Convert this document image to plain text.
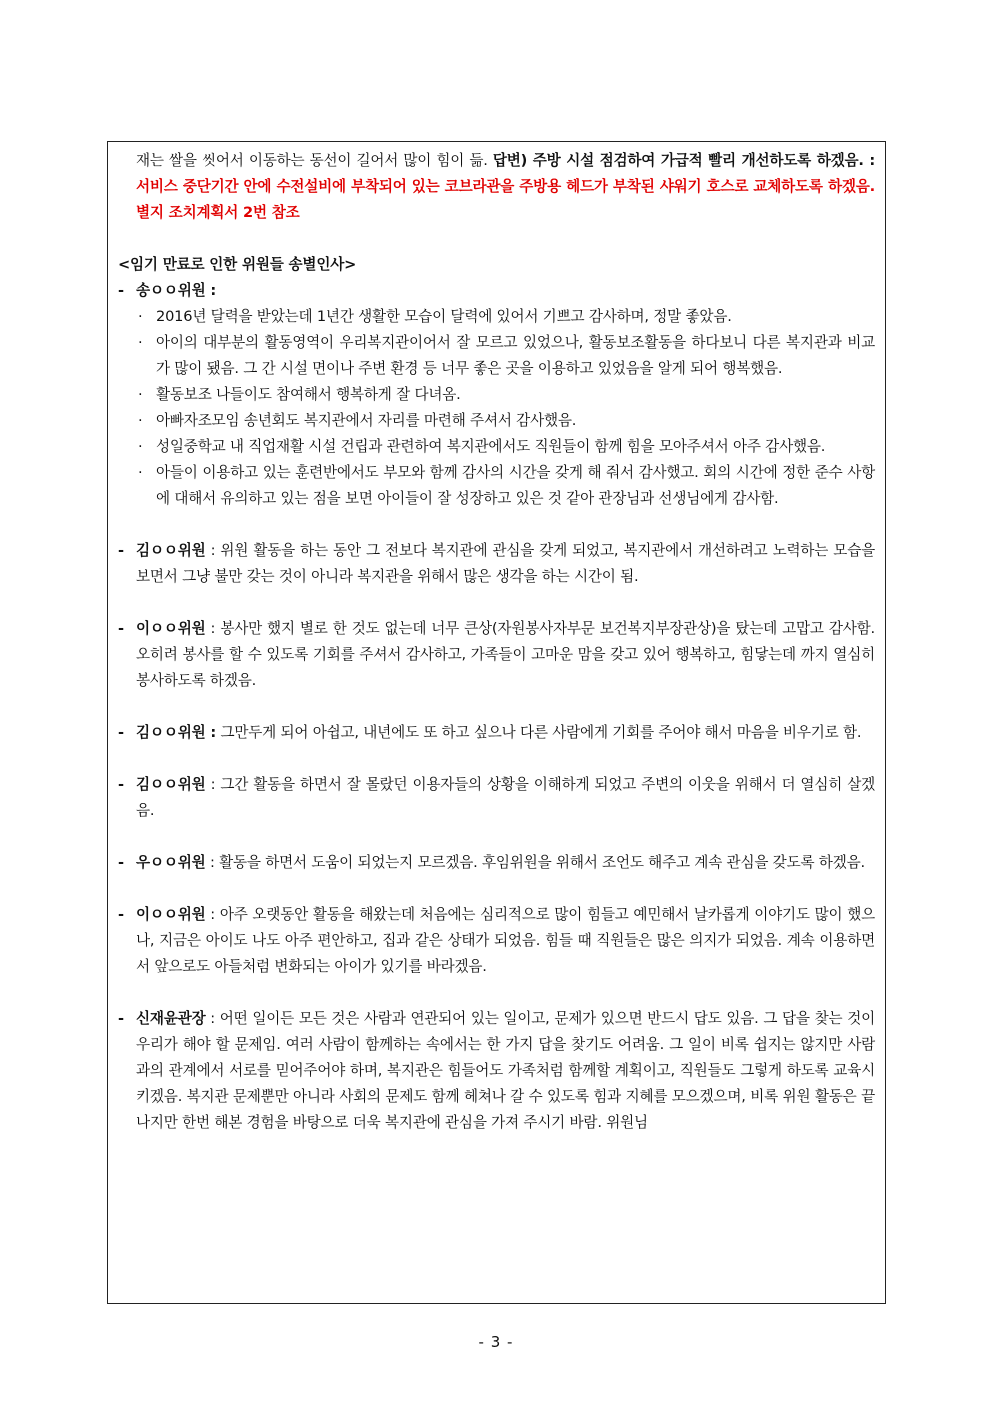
재는 쌀을 씻어서 이동하는 동선이 길어서 많이 힘이 듦. 답변) 주방 시설 점검하여 가급적 빨리 개선하도록 하겠음. : 서비스 중단기간 안에 수전설비에 부착되어 있는 코브라관을 주방용 헤드가 부착된 샤워기 호스로 교체하도록 하겠음. 별지 조치계획서 2번 참조
<임기 만료로 인한 위원들 송별인사>
- 송ㅇㅇ위원 :
· 2016년 달력을 받았는데 1년간 생활한 모습이 달력에 있어서 기쁘고 감사하며, 정말 좋았음.
· 아이의 대부분의 활동영역이 우리복지관이어서 잘 모르고 있었으나, 활동보조활동을 하다보니 다른 복지관과 비교가 많이 됐음. 그 간 시설 면이나 주변 환경 등 너무 좋은 곳을 이용하고 있었음을 알게 되어 행복했음.
· 활동보조 나들이도 참여해서 행복하게 잘 다녀옴.
· 아빠자조모임 송년회도 복지관에서 자리를 마련해 주셔서 감사했음.
· 성일중학교 내 직업재활 시설 건립과 관련하여 복지관에서도 직원들이 함께 힘을 모아주셔서 아주 감사했음.
· 아들이 이용하고 있는 훈련반에서도 부모와 함께 감사의 시간을 갖게 해 줘서 감사했고. 회의 시간에 정한 준수 사항에 대해서 유의하고 있는 점을 보면 아이들이 잘 성장하고 있은 것 같아 관장님과 선생님에게 감사함.
- 김ㅇㅇ위원 : 위원 활동을 하는 동안 그 전보다 복지관에 관심을 갖게 되었고, 복지관에서 개선하려고 노력하는 모습을 보면서 그냥 불만 갖는 것이 아니라 복지관을 위해서 많은 생각을 하는 시간이 됨.
- 이ㅇㅇ위원 : 봉사만 했지 별로 한 것도 없는데 너무 큰상(자원봉사자부문 보건복지부장관상)을 탔는데 고맙고 감사함. 오히려 봉사를 할 수 있도록 기회를 주셔서 감사하고, 가족들이 고마운 맘을 갖고 있어 행복하고, 힘닿는데 까지 열심히 봉사하도록 하겠음.
- 김ㅇㅇ위원 : 그만두게 되어 아쉽고, 내년에도 또 하고 싶으나 다른 사람에게 기회를 주어야 해서 마음을 비우기로 함.
- 김ㅇㅇ위원 : 그간 활동을 하면서 잘 몰랐던 이용자들의 상황을 이해하게 되었고 주변의 이웃을 위해서 더 열심히 살겠음.
- 우ㅇㅇ위원 : 활동을 하면서 도움이 되었는지 모르겠음. 후임위원을 위해서 조언도 해주고 계속 관심을 갖도록 하겠음.
- 이ㅇㅇ위원 : 아주 오랫동안 활동을 해왔는데 처음에는 심리적으로 많이 힘들고 예민해서 날카롭게 이야기도 많이 했으나, 지금은 아이도 나도 아주 편안하고, 집과 같은 상태가 되었음. 힘들 때 직원들은 많은 의지가 되었음. 계속 이용하면서 앞으로도 아들처럼 변화되는 아이가 있기를 바라겠음.
- 신재윤관장 : 어떤 일이든 모든 것은 사람과 연관되어 있는 일이고, 문제가 있으면 반드시 답도 있음. 그 답을 찾는 것이 우리가 해야 할 문제임. 여러 사람이 함께하는 속에서는 한 가지 답을 찾기도 어려움. 그 일이 비록 쉽지는 않지만 사람과의 관계에서 서로를 믿어주어야 하며, 복지관은 힘들어도 가족처럼 함께할 계획이고, 직원들도 그렇게 하도록 교육시키겠음. 복지관 문제뿐만 아니라 사회의 문제도 함께 헤쳐나 갈 수 있도록 힘과 지혜를 모으겠으며, 비록 위원 활동은 끝나지만 한번 해본 경험을 바탕으로 더욱 복지관에 관심을 가져 주시기 바람. 위원님
- 3 -
